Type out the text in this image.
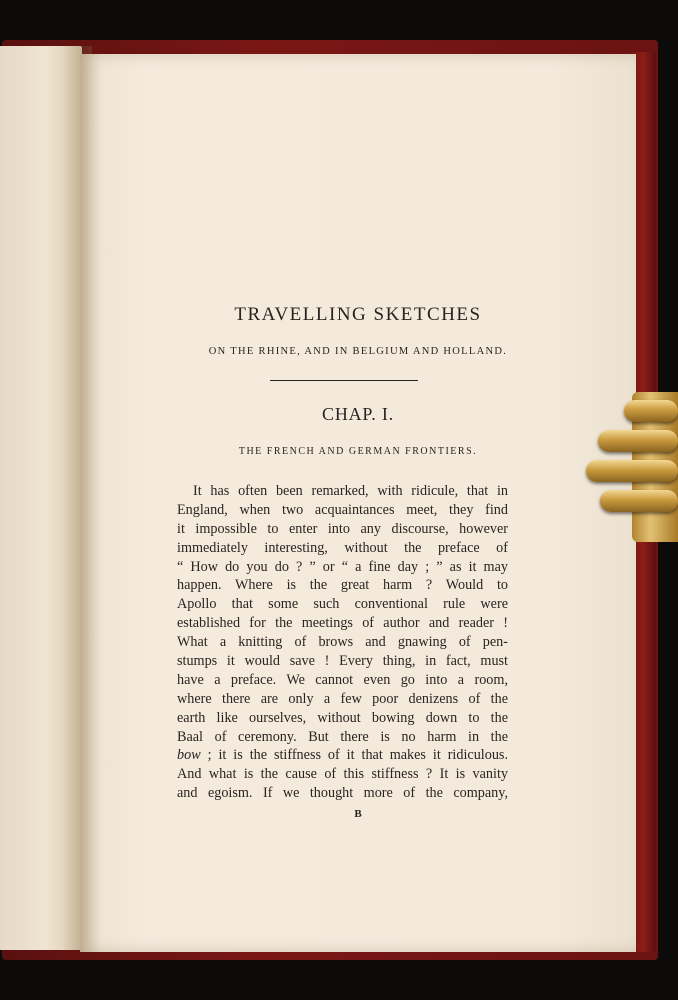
TRAVELLING SKETCHES
ON THE RHINE, AND IN BELGIUM AND HOLLAND.
CHAP. I.
THE FRENCH AND GERMAN FRONTIERS.
It has often been remarked, with ridicule, that in
England, when two acquaintances meet, they find
it impossible to enter into any discourse, however
immediately interesting, without the preface of
“ How do you do ? ” or “ a fine day ; ” as it may
happen. Where is the great harm ? Would to
Apollo that some such conventional rule were
established for the meetings of author and reader !
What a knitting of brows and gnawing of pen-
stumps it would save ! Every thing, in fact, must
have a preface. We cannot even go into a room,
where there are only a few poor denizens of the
earth like ourselves, without bowing down to the
Baal of ceremony. But there is no harm in the
bow ; it is the stiffness of it that makes it ridiculous.
And what is the cause of this stiffness ? It is vanity
and egoism. If we thought more of the company,
B
